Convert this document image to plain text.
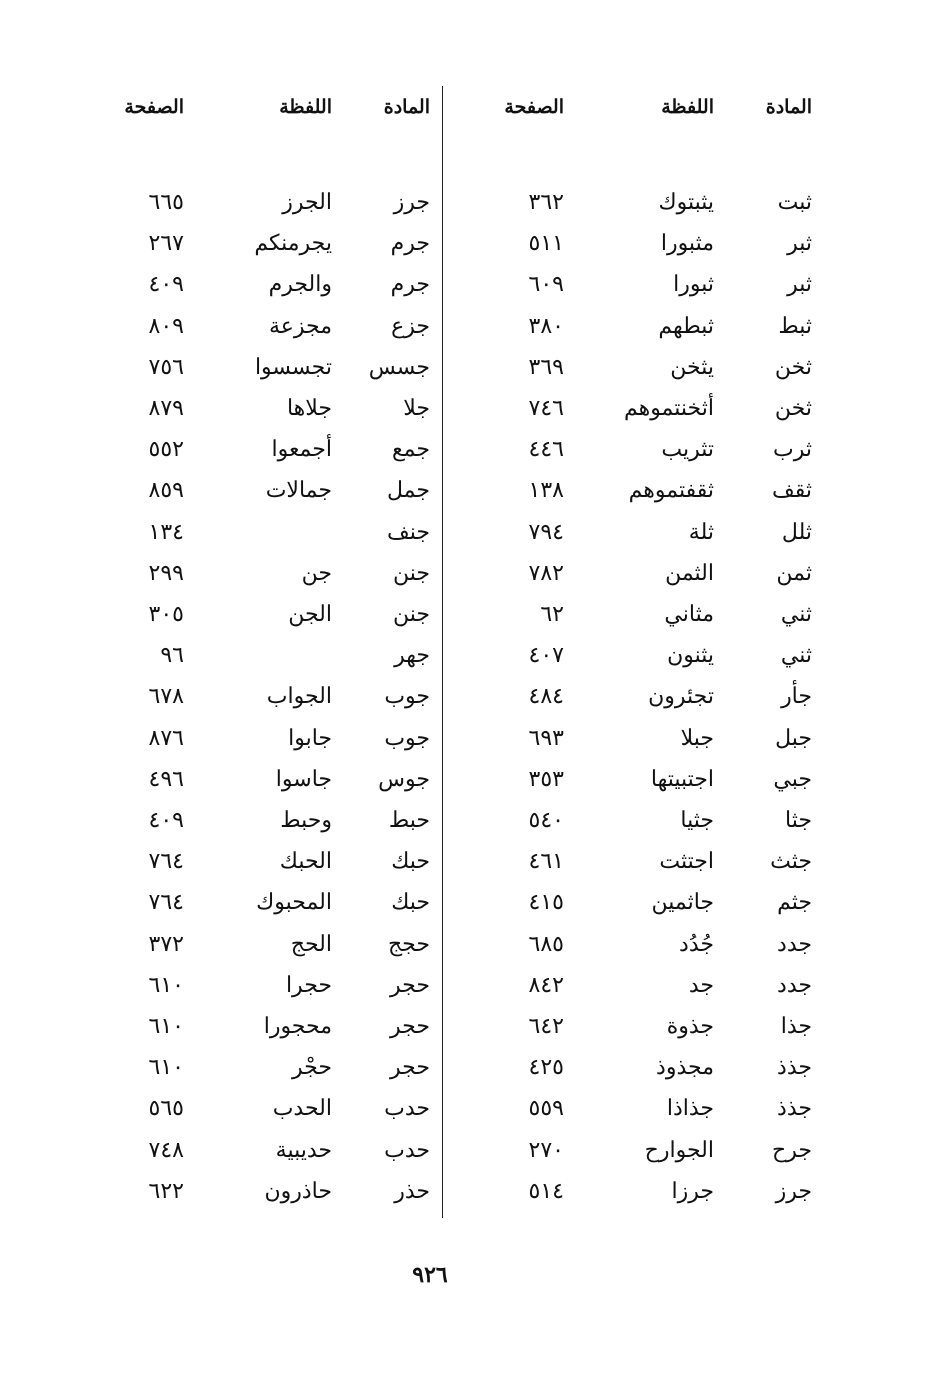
المادة
اللفظة
الصفحة
المادة
اللفظة
الصفحة
ثبت
يثبتوك
٣٦٢
ثبر
مثبورا
٥١١
ثبر
ثبورا
٦٠٩
ثبط
ثبطهم
٣٨٠
ثخن
يثخن
٣٦٩
ثخن
أثخنتموهم
٧٤٦
ثرب
تثريب
٤٤٦
ثقف
ثقفتموهم
١٣٨
ثلل
ثلة
٧٩٤
ثمن
الثمن
٧٨٢
ثني
مثاني
٦٢
ثني
يثنون
٤٠٧
جأر
تجئرون
٤٨٤
جبل
جبلا
٦٩٣
جبي
اجتبيتها
٣٥٣
جثا
جثيا
٥٤٠
جثث
اجتثت
٤٦١
جثم
جاثمين
٤١٥
جدد
جُدُد
٦٨٥
جدد
جد
٨٤٢
جذا
جذوة
٦٤٢
جذذ
مجذوذ
٤٢٥
جذذ
جذاذا
٥٥٩
جرح
الجوارح
٢٧٠
جرز
جرزا
٥١٤
جرز
الجرز
٦٦٥
جرم
يجرمنكم
٢٦٧
جرم
والجرم
٤٠٩
جزع
مجزعة
٨٠٩
جسس
تجسسوا
٧٥٦
جلا
جلاها
٨٧٩
جمع
أجمعوا
٥٥٢
جمل
جمالات
٨٥٩
جنف
١٣٤
جنن
جن
٢٩٩
جنن
الجن
٣٠٥
جهر
٩٦
جوب
الجواب
٦٧٨
جوب
جابوا
٨٧٦
جوس
جاسوا
٤٩٦
حبط
وحبط
٤٠٩
حبك
الحبك
٧٦٤
حبك
المحبوك
٧٦٤
حجج
الحج
٣٧٢
حجر
حجرا
٦١٠
حجر
محجورا
٦١٠
حجر
حجْر
٦١٠
حدب
الحدب
٥٦٥
حدب
حديبية
٧٤٨
حذر
حاذرون
٦٢٢
٩٢٦
